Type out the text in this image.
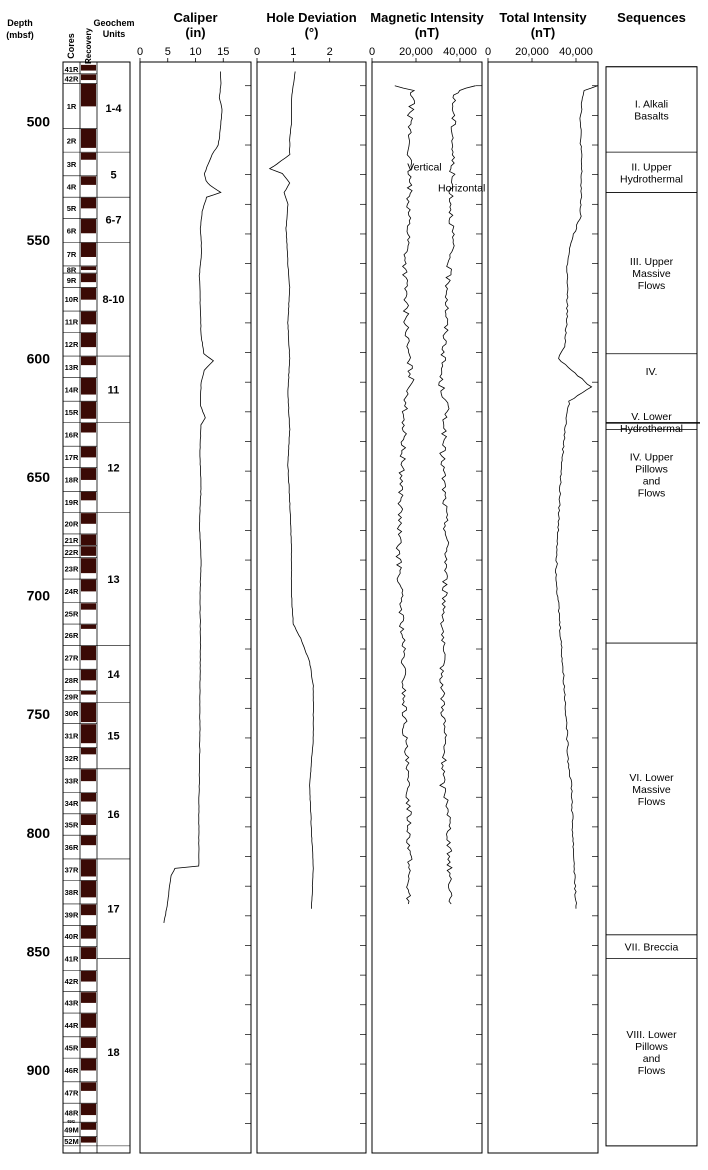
Depth
(mbsf)
500
550
600
650
700
750
800
850
900
Cores Recovery
Geochem
Units
41R
42R
1R
2R
3R
4R
5R
6R
7R
8R
9R
10R
11R
12R
13R
14R
15R
16R
17R
18R
19R
20R
21R
22R
23R
24R
25R
26R
27R
28R
29R
30R
31R
32R
33R
34R
35R
36R
37R
38R
39R
40R
41R
42R
43R
44R
45R
46R
47R
48R
49M
52M
49G
1-4
5
6-7
8-10
11
12
13
14
15
16
17
18
Caliper
(in)
0 5 10 15
Hole Deviation
(°)
0	1	2
Magnetic Intensity
(nT)
0 20,000 40,000
Vertical
Horizontal
Total Intensity
(nT)
0 20,000 40,000
Sequences
I. Alkali
Basalts
II. Upper
Hydrothermal
III. Upper
Massive
Flows
IV.
V. Lower
Hydrothermal
IV. Upper
Pillows
and
Flows
VI. Lower
Massive
Flows
VII. Breccia
VIII. Lower
Pillows
and
Flows
